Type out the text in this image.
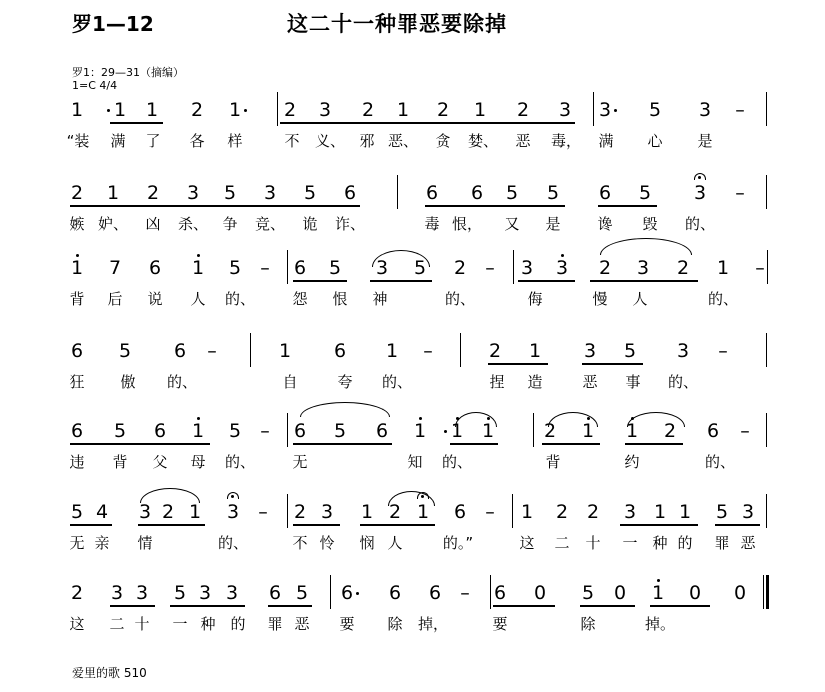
罗1—12	这二十一种罪恶要除掉
罗1：29—31（摘编）
1=C 4/4
爱里的歌 510
1 1 1 2 1 2 3 2 1 2 1 2 3 3 5 3 –
“装 满 了 各 样	不 义、 邪 恶、 贪 婪、 恶 毒， 满 心 是
2 1 2 3 5 3 5 6	6 6 5 5 6 5 3 –
嫉 妒、 凶 杀、 争 竞、 诡 诈、	毒 恨， 又 是 谗 毁 的、
1 7 6 1 5 – 6 5 3 5 2 – 3 3 2 3 2 1 –
背 后 说 人 的、 怨 恨 神	的、	侮	慢 人	的、
6 5 6 –	1 6 1 –	2 1 3 5 3 –
狂 傲 的、	自	夸 的、	捏 造	恶 事 的、
6 5 6 1 5 – 6 5 6 1 1 1	2 1 1 2 6 –
违 背 父 母 的、 无	知 的、	背	约	的、
5 4 3 2 1 3 – 2 3 1 2 1 6 – 1 2 2 3 1 1 5 3
无 亲 情	的、	不 怜 悯 人	的。”	这 二 十 一 种 的 罪 恶
2 3 3 5 3 3 6 5 6 6 6 – 6 0 5 0 1 0 0
这 二 十 一 种 的 罪 恶 要 除 掉，	要	除	掉。
